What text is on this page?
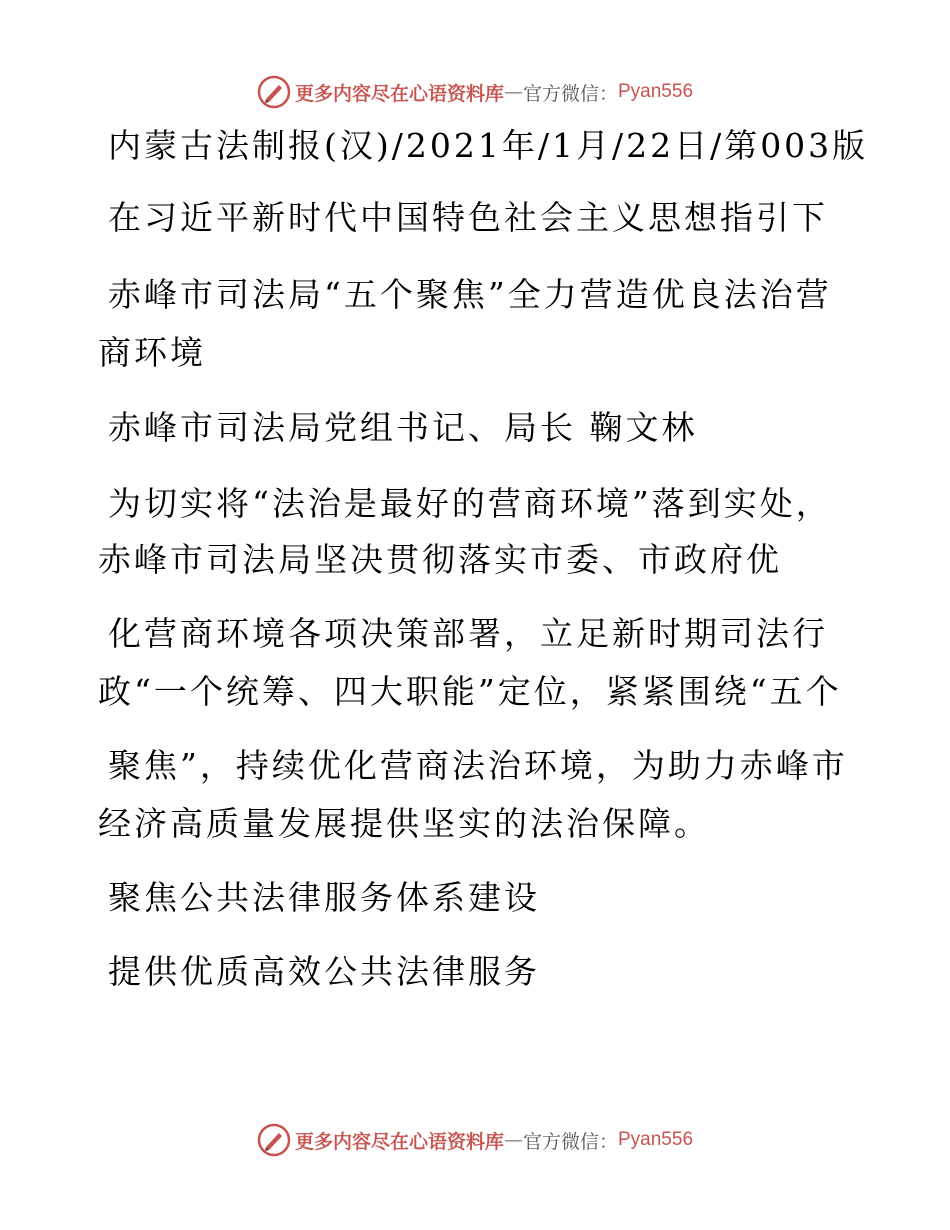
更多内容尽在心语资料库 — 官方微信： Pyan556
内蒙古法制报(汉)/2021年/1月/22日/第003版
在习近平新时代中国特色社会主义思想指引下
赤峰市司法局“五个聚焦”全力营造优良法治营
商环境
赤峰市司法局党组书记、局长 鞠文林
为切实将“法治是最好的营商环境”落到实处，
赤峰市司法局坚决贯彻落实市委、市政府优
化营商环境各项决策部署，立足新时期司法行
政“一个统筹、四大职能”定位，紧紧围绕“五个
聚焦”，持续优化营商法治环境，为助力赤峰市
经济高质量发展提供坚实的法治保障。
聚焦公共法律服务体系建设
提供优质高效公共法律服务
更多内容尽在心语资料库 — 官方微信： Pyan556
